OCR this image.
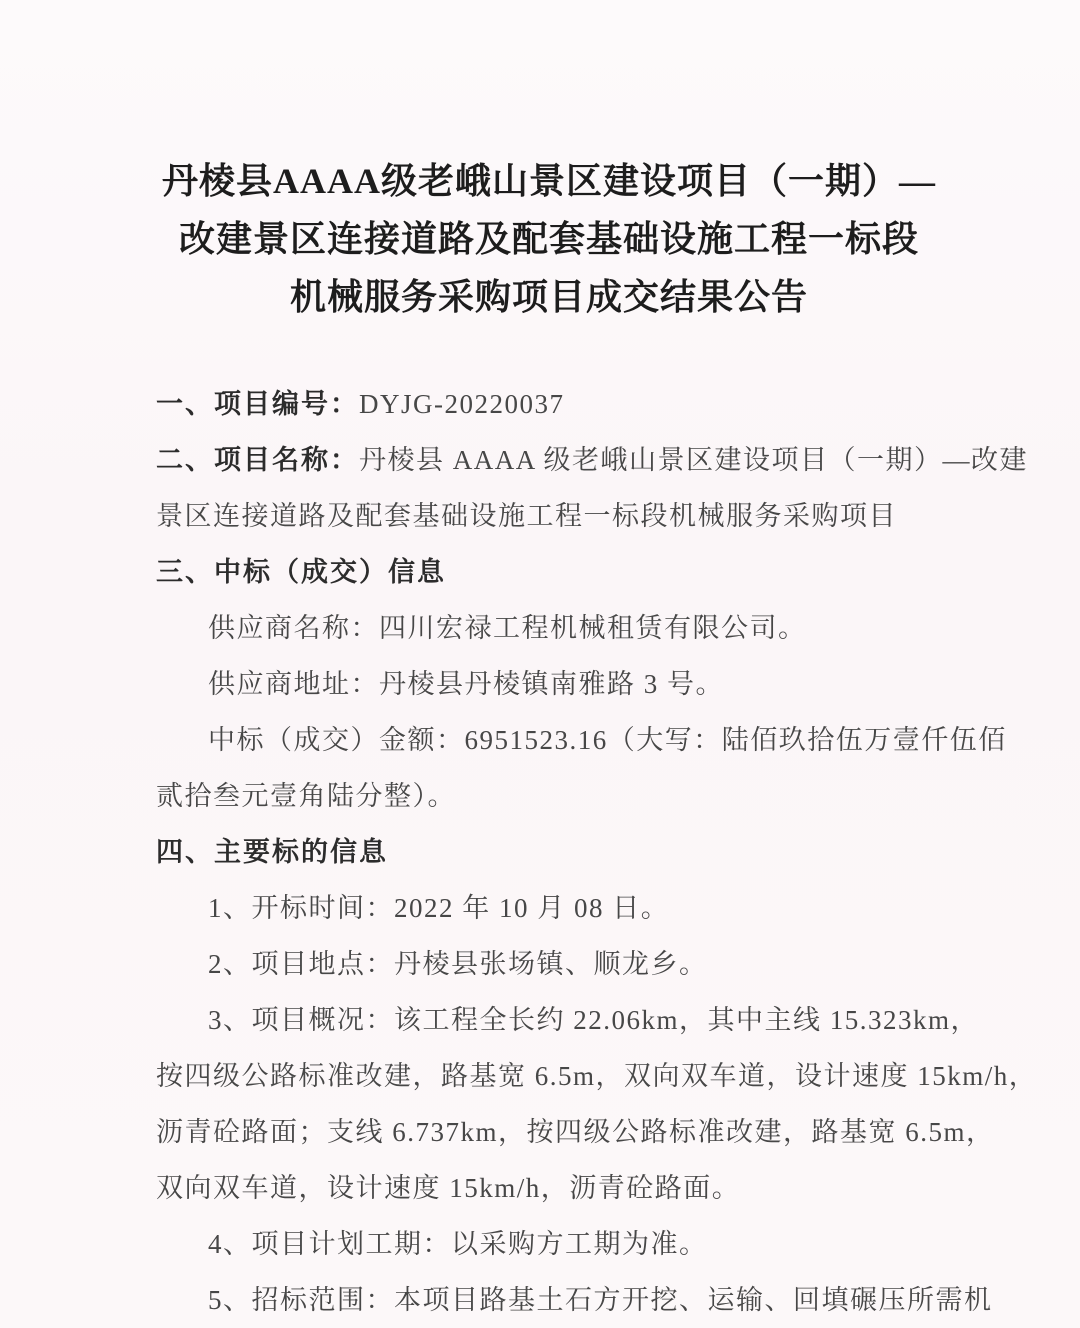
丹棱县AAAA级老峨山景区建设项目（一期）—
改建景区连接道路及配套基础设施工程一标段
机械服务采购项目成交结果公告
一、项目编号：DYJG-20220037
二、项目名称：丹棱县 AAAA 级老峨山景区建设项目（一期）—改建
景区连接道路及配套基础设施工程一标段机械服务采购项目
三、中标（成交）信息
供应商名称：四川宏禄工程机械租赁有限公司。
供应商地址：丹棱县丹棱镇南雅路 3 号。
中标（成交）金额：6951523.16（大写：陆佰玖拾伍万壹仟伍佰
贰拾叁元壹角陆分整）。
四、主要标的信息
1、开标时间：2022 年 10 月 08 日。
2、项目地点：丹棱县张场镇、顺龙乡。
3、项目概况：该工程全长约 22.06km，其中主线 15.323km，
按四级公路标准改建，路基宽 6.5m，双向双车道，设计速度 15km/h，
沥青砼路面；支线 6.737km，按四级公路标准改建，路基宽 6.5m，
双向双车道，设计速度 15km/h，沥青砼路面。
4、项目计划工期：以采购方工期为准。
5、招标范围：本项目路基土石方开挖、运输、回填碾压所需机
